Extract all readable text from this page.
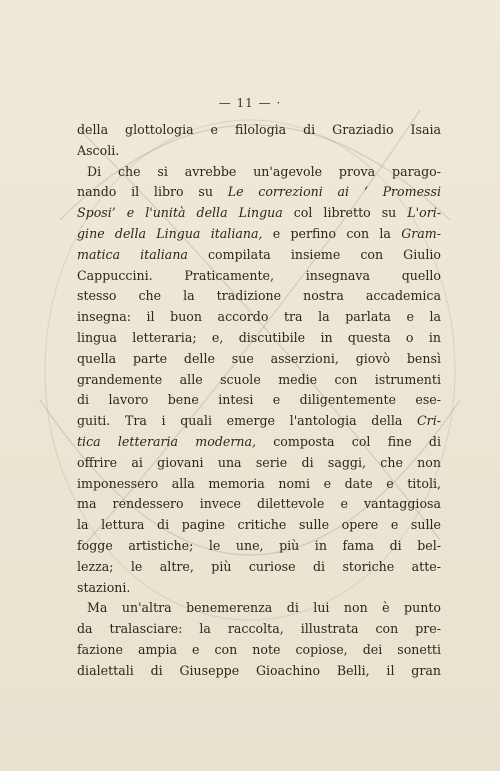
— 11 — ·
della glottologia e filologia di Graziadio Isaia
Ascoli.
Di che si avrebbe un'agevole prova parago-
nando il libro su Le correzioni ai ‘ Promessi
Sposi’ e l'unità della Lingua col libretto su L'ori-
gine della Lingua italiana, e perfino con la Gram-
matica italiana compilata insieme con Giulio
Cappuccini. Praticamente, insegnava quello
stesso che la tradizione nostra accademica
insegna: il buon accordo tra la parlata e la
lingua letteraria; e, discutibile in questa o in
quella parte delle sue asserzioni, giovò bensì
grandemente alle scuole medie con istrumenti
di lavoro bene intesi e diligentemente ese-
guiti. Tra i quali emerge l'antologia della Cri-
tica letteraria moderna, composta col fine di
offrire ai giovani una serie di saggi, che non
imponessero alla memoria nomi e date e titoli,
ma rendessero invece dilettevole e vantaggiosa
la lettura di pagine critiche sulle opere e sulle
fogge artistiche; le une, più in fama di bel-
lezza; le altre, più curiose di storiche atte-
stazioni.
Ma un'altra benemerenza di lui non è punto
da tralasciare: la raccolta, illustrata con pre-
fazione ampia e con note copiose, dei sonetti
dialettali di Giuseppe Gioachino Belli, il gran
